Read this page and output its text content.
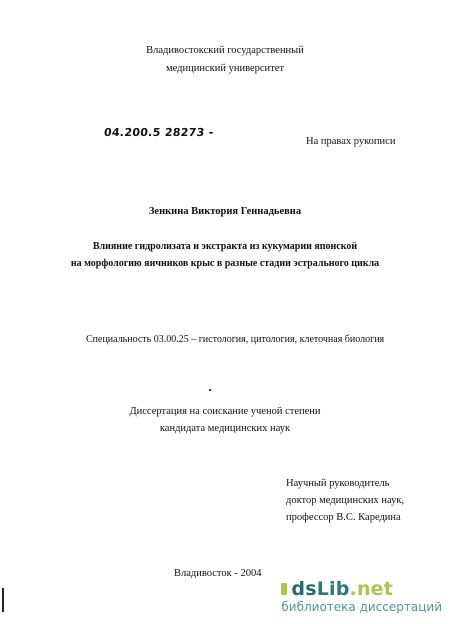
Владивостокский государственный
медицинский университет
04.200.5 28273 -
На правах рукописи
Зенкина Виктория Геннадьевна
Влияние гидролизата и экстракта из кукумарии японской
на морфологию яичников крыс в разные стадии эстрального цикла
Специальность 03.00.25 – гистология, цитология, клеточная биология
Диссертация на соискание ученой степени
кандидата медицинских наук
Научный руководитель
доктор медицинских наук,
профессор В.С. Каредина
Владивосток - 2004
dsLib.net
библиотека диссертаций
